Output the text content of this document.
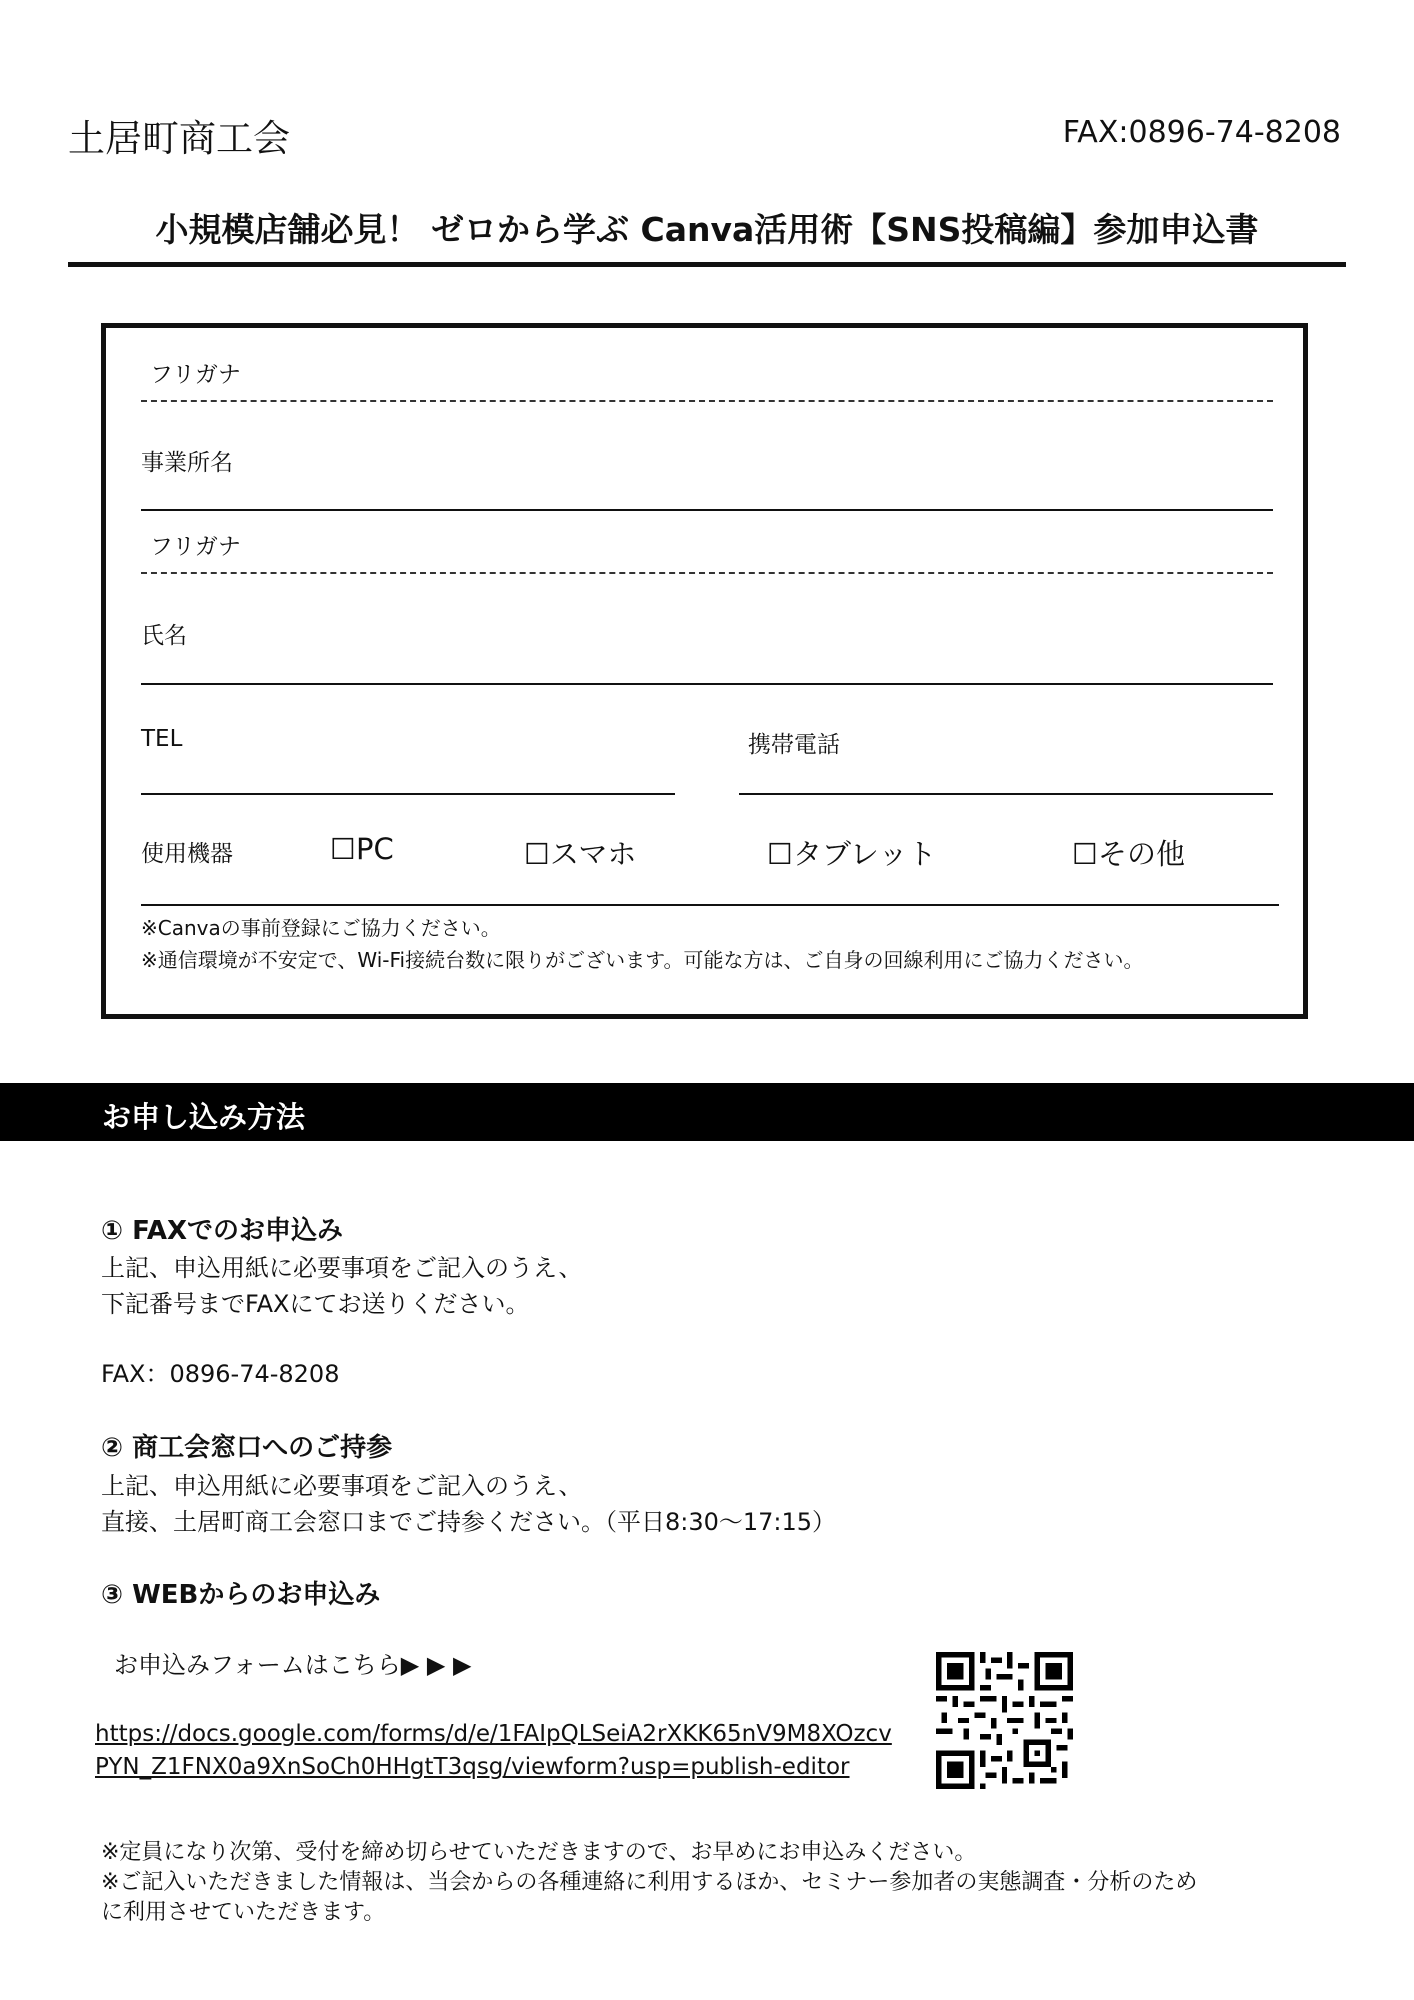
土居町商工会	FAX:0896-74-8208
小規模店舗必見！ ゼロから学ぶ Canva活用術【SNS投稿編】参加申込書
フリガナ
事業所名
フリガナ
氏名
TEL	携帯電話
使用機器	☐PC	☐スマホ	☐タブレット	☐その他
※Canvaの事前登録にご協力ください。
※通信環境が不安定で、Wi-Fi接続台数に限りがございます。可能な方は、ご自身の回線利用にご協力ください。
お申し込み方法
① FAXでのお申込み
上記、申込用紙に必要事項をご記入のうえ、
下記番号までFAXにてお送りください。
FAX：0896-74-8208
② 商工会窓口へのご持参
上記、申込用紙に必要事項をご記入のうえ、
直接、土居町商工会窓口までご持参ください。（平日8:30〜17:15）
③ WEBからのお申込み
お申込みフォームはこちら▶ ▶ ▶
https://docs.google.com/forms/d/e/1FAIpQLSeiA2rXKK65nV9M8XOzcv
PYN_Z1FNX0a9XnSoCh0HHgtT3qsg/viewform?usp=publish-editor
※定員になり次第、受付を締め切らせていただきますので、お早めにお申込みください。
※ご記入いただきました情報は、当会からの各種連絡に利用するほか、セミナー参加者の実態調査・分析のため
に利用させていただきます。
